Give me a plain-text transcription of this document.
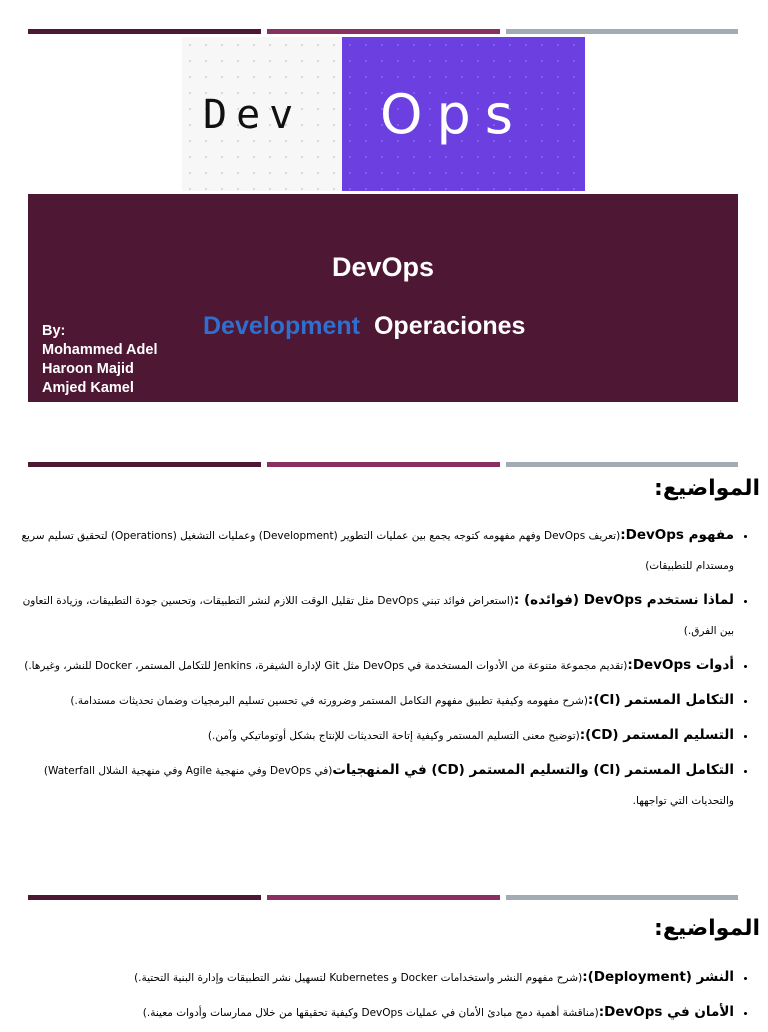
Dev Ops
DevOps
Development Operaciones
By:
Mohammed Adel
Haroon Majid
Amjed Kamel
المواضيع:
• مفهوم DevOps:(تعريف DevOps وفهم مفهومه كتوجه يجمع بين عمليات التطوير (Development) وعمليات التشغيل (Operations) لتحقيق تسليم سريع ومستدام للتطبيقات)
• لماذا نستخدم DevOps (فوائده) :(استعراض فوائد تبني DevOps مثل تقليل الوقت اللازم لنشر التطبيقات، وتحسين جودة التطبيقات، وزيادة التعاون بين الفرق.)
• أدوات DevOps:(تقديم مجموعة متنوعة من الأدوات المستخدمة في DevOps مثل Git لإدارة الشيفرة، Jenkins للتكامل المستمر، Docker للنشر، وغيرها.)
• التكامل المستمر (CI):(شرح مفهومه وكيفية تطبيق مفهوم التكامل المستمر وضرورته في تحسين تسليم البرمجيات وضمان تحديثات مستدامة.)
• التسليم المستمر (CD):(توضيح معنى التسليم المستمر وكيفية إتاحة التحديثات للإنتاج بشكل أوتوماتيكي وآمن.)
• التكامل المستمر (CI) والتسليم المستمر (CD) في المنهجيات(في DevOps وفي منهجية Agile وفي منهجية الشلال Waterfall) والتحديات التي تواجهها.
المواضيع:
• النشر (Deployment):(شرح مفهوم النشر واستخدامات Docker و Kubernetes لتسهيل نشر التطبيقات وإدارة البنية التحتية.)
• الأمان في DevOps:(مناقشة أهمية دمج مبادئ الأمان في عمليات DevOps وكيفية تحقيقها من خلال ممارسات وأدوات معينة.)
